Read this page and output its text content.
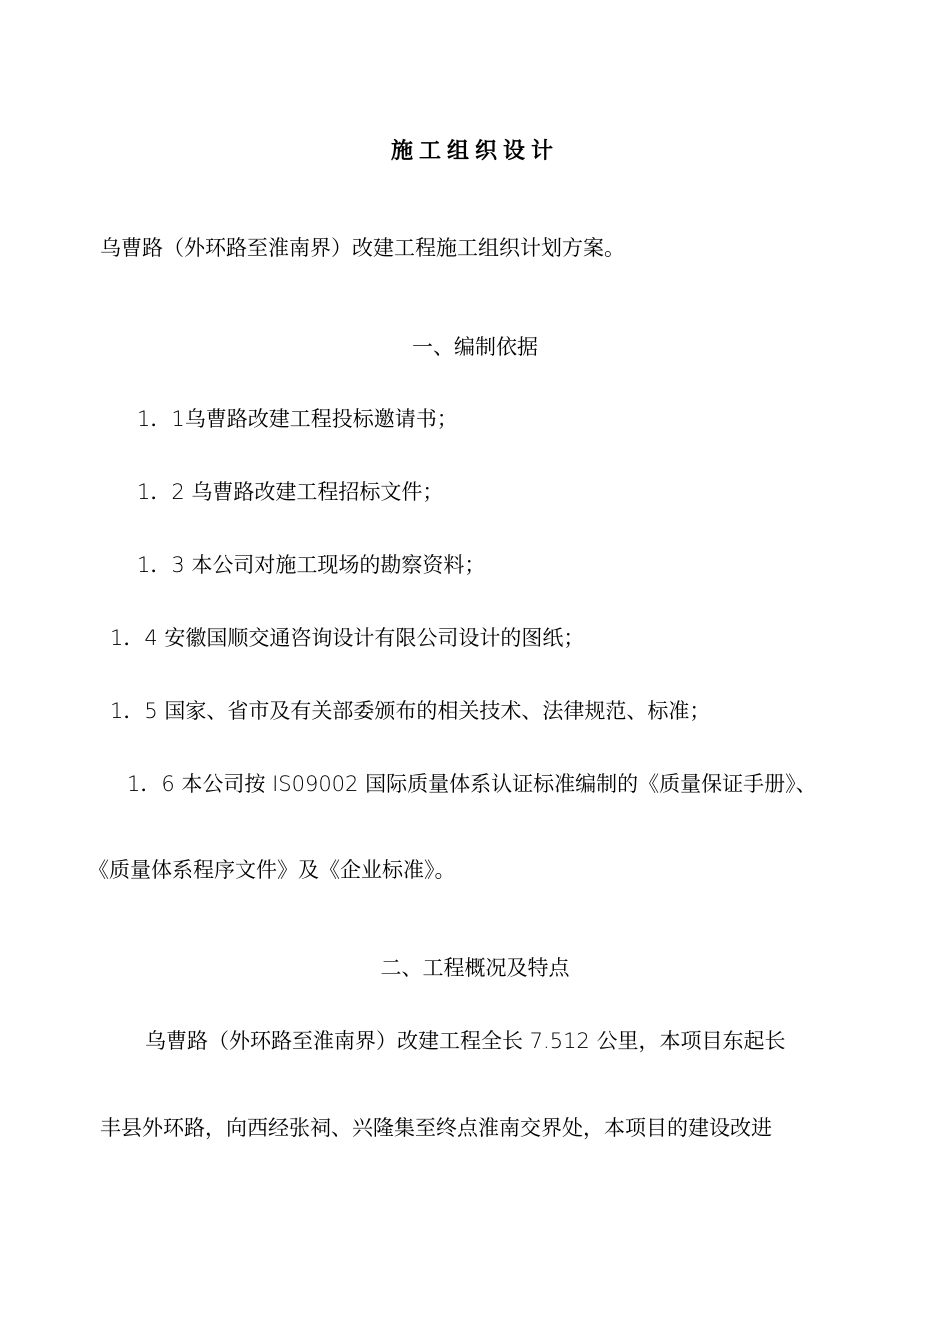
施工组织设计
乌曹路（外环路至淮南界）改建工程施工组织计划方案。
一、编制依据
1．1乌曹路改建工程投标邀请书；
1．2 乌曹路改建工程招标文件；
1．3 本公司对施工现场的勘察资料；
1．4 安徽国顺交通咨询设计有限公司设计的图纸；
1．5 国家、省市及有关部委颁布的相关技术、法律规范、标准；
1．6 本公司按 IS09002 国际质量体系认证标准编制的《质量保证手册》、
《质量体系程序文件》及《企业标准》。
二、工程概况及特点
乌曹路（外环路至淮南界）改建工程全长 7.512 公里，本项目东起长
丰县外环路，向西经张祠、兴隆集至终点淮南交界处，本项目的建设改进
